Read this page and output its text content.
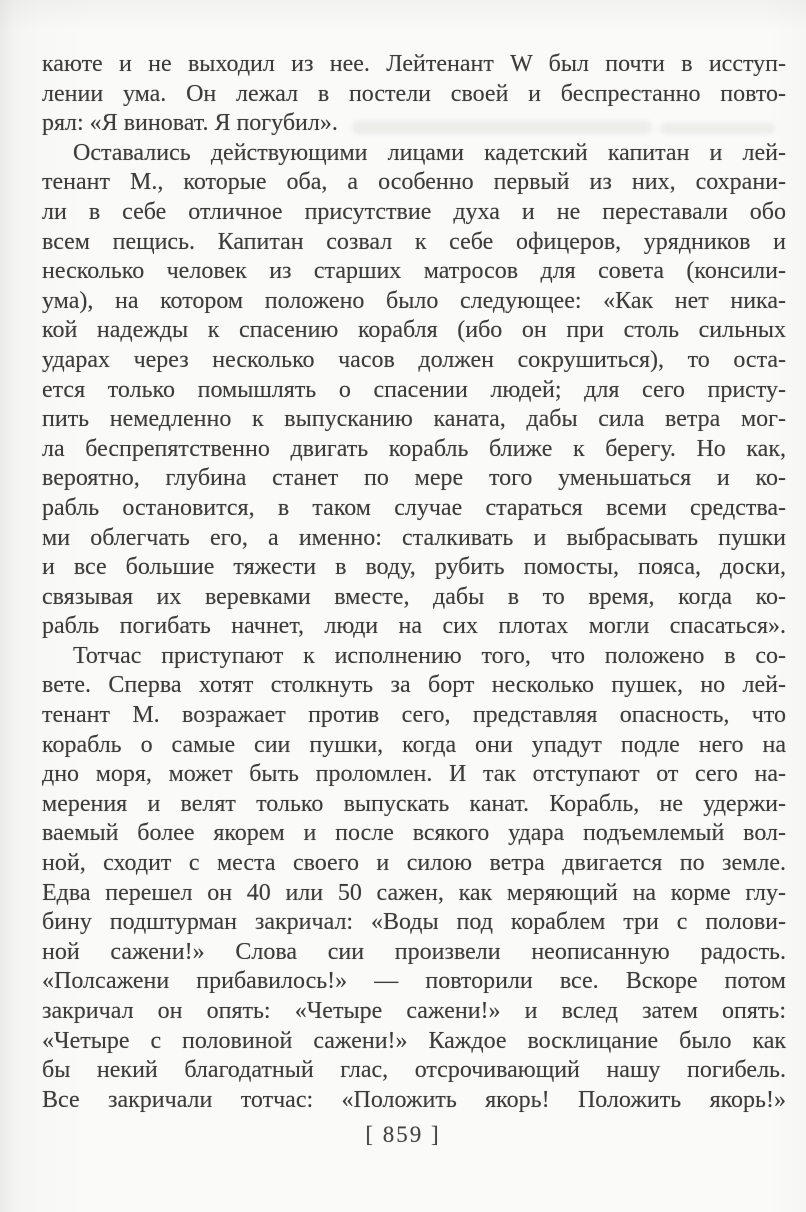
каюте и не выходил из нее. Лейтенант W был почти в исступ-
лении ума. Он лежал в постели своей и беспрестанно повто-
рял: «Я виноват. Я погубил».

Оставались действующими лицами кадетский капитан и лей-
тенант М., которые оба, а особенно первый из них, сохрани-
ли в себе отличное присутствие духа и не переставали обо
всем пещись. Капитан созвал к себе офицеров, урядников и
несколько человек из старших матросов для совета (консили-
ума), на котором положено было следующее: «Как нет ника-
кой надежды к спасению корабля (ибо он при столь сильных
ударах через несколько часов должен сокрушиться), то оста-
ется только помышлять о спасении людей; для сего присту-
пить немедленно к выпусканию каната, дабы сила ветра мог-
ла беспрепятственно двигать корабль ближе к берегу. Но как,
вероятно, глубина станет по мере того уменьшаться и ко-
рабль остановится, в таком случае стараться всеми средства-
ми облегчать его, а именно: сталкивать и выбрасывать пушки
и все большие тяжести в воду, рубить помосты, пояса, доски,
связывая их веревками вместе, дабы в то время, когда ко-
рабль погибать начнет, люди на сих плотах могли спасаться».

Тотчас приступают к исполнению того, что положено в со-
вете. Сперва хотят столкнуть за борт несколько пушек, но лей-
тенант М. возражает против сего, представляя опасность, что
корабль о самые сии пушки, когда они упадут подле него на
дно моря, может быть проломлен. И так отступают от сего на-
мерения и велят только выпускать канат. Корабль, не удержи-
ваемый более якорем и после всякого удара подъемлемый вол-
ной, сходит с места своего и силою ветра двигается по земле.
Едва перешел он 40 или 50 сажен, как меряющий на корме глу-
бину подштурман закричал: «Воды под кораблем три с полови-
ной сажени!» Слова сии произвели неописанную радость.
«Полсажени прибавилось!» — повторили все. Вскоре потом
закричал он опять: «Четыре сажени!» и вслед затем опять:
«Четыре с половиной сажени!» Каждое восклицание было как
бы некий благодатный глас, отсрочивающий нашу погибель.
Все закричали тотчас: «Положить якорь! Положить якорь!»

[ 859 ]
